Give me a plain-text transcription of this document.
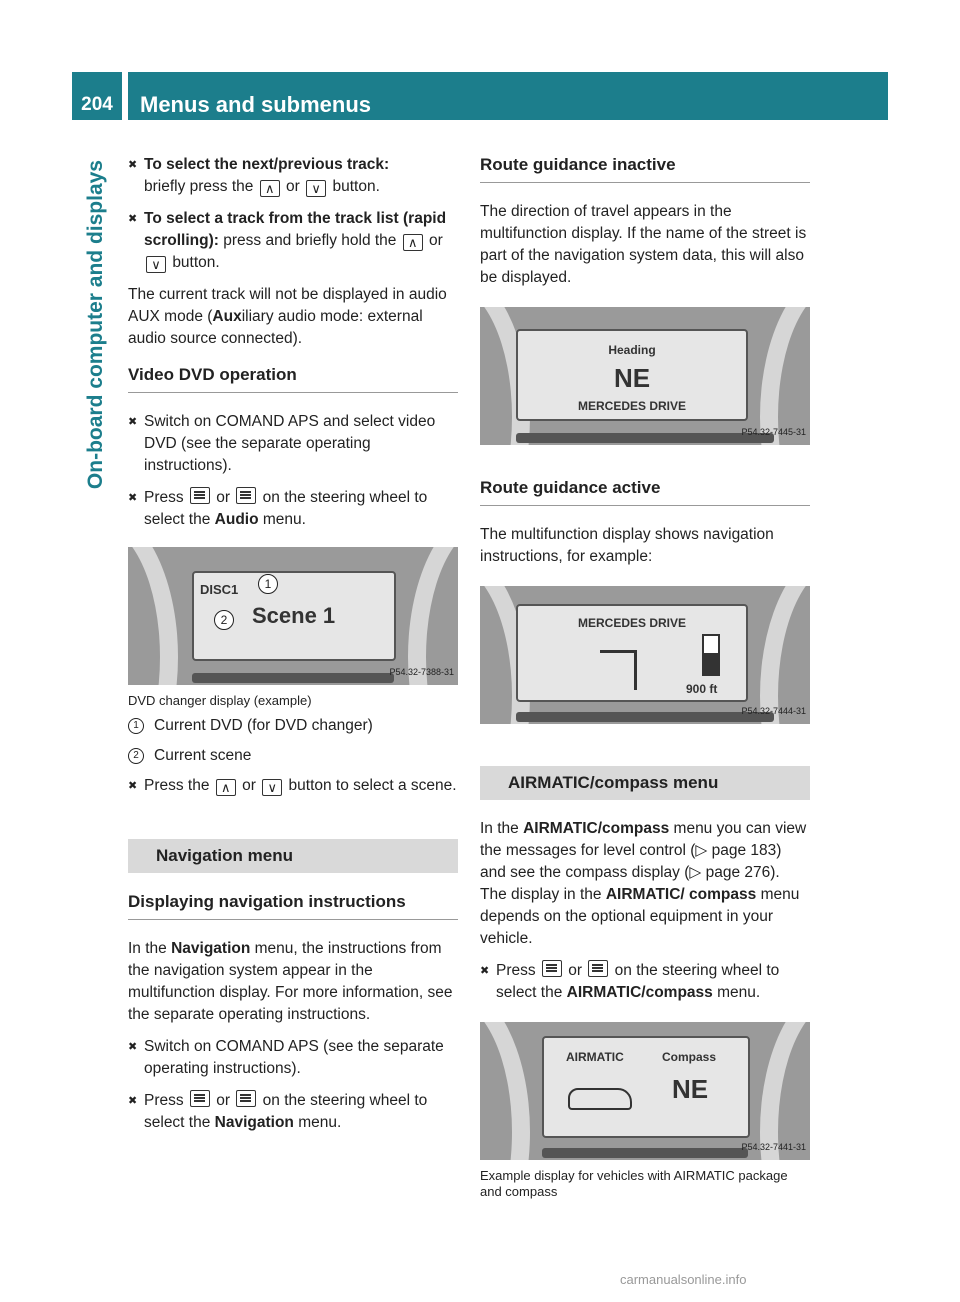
204	Menus and submenus
On-board computer and displays ✖ To select the next/previous track:
briefly press the ∧ or ∨ button.
✖ To select a track from the track list (rapid scrolling): press and briefly hold the ∧ or ∨ button.

The current track will not be displayed in audio AUX mode (Auxiliary audio mode: external audio source connected).

Video DVD operation
✖ Switch on COMAND APS and select video DVD (see the separate operating instructions).
✖ Press or on the steering wheel to select the Audio menu.
DISC1
Scene 1
1
2
P54.32-7388-31
DVD changer display (example)
1 Current DVD (for DVD changer)
2 Current scene
✖ Press the ∧ or ∨ button to select a scene.
Navigation menu
Displaying navigation instructions

In the Navigation menu, the instructions from the navigation system appear in the multifunction display. For more information, see the separate operating instructions.

✖ Switch on COMAND APS (see the separate operating instructions).
✖ Press or on the steering wheel to select the Navigation menu.
Route guidance inactive

The direction of travel appears in the multifunction display. If the name of the street is part of the navigation system data, this will also be displayed.

Heading
NE
MERCEDES DRIVE
P54.32-7445-31
Route guidance active

The multifunction display shows navigation instructions, for example:

MERCEDES DRIVE
900 ft
P54.32-7444-31
AIRMATIC/compass menu

In the AIRMATIC/compass menu you can view the messages for level control (▷ page 183) and see the compass display (▷ page 276). The display in the AIRMATIC/ compass menu depends on the optional equipment in your vehicle.

✖ Press or on the steering wheel to select the AIRMATIC/compass menu.
AIRMATIC	Compass
NE
P54.32-7441-31
Example display for vehicles with AIRMATIC package and compass
carmanualsonline.info
